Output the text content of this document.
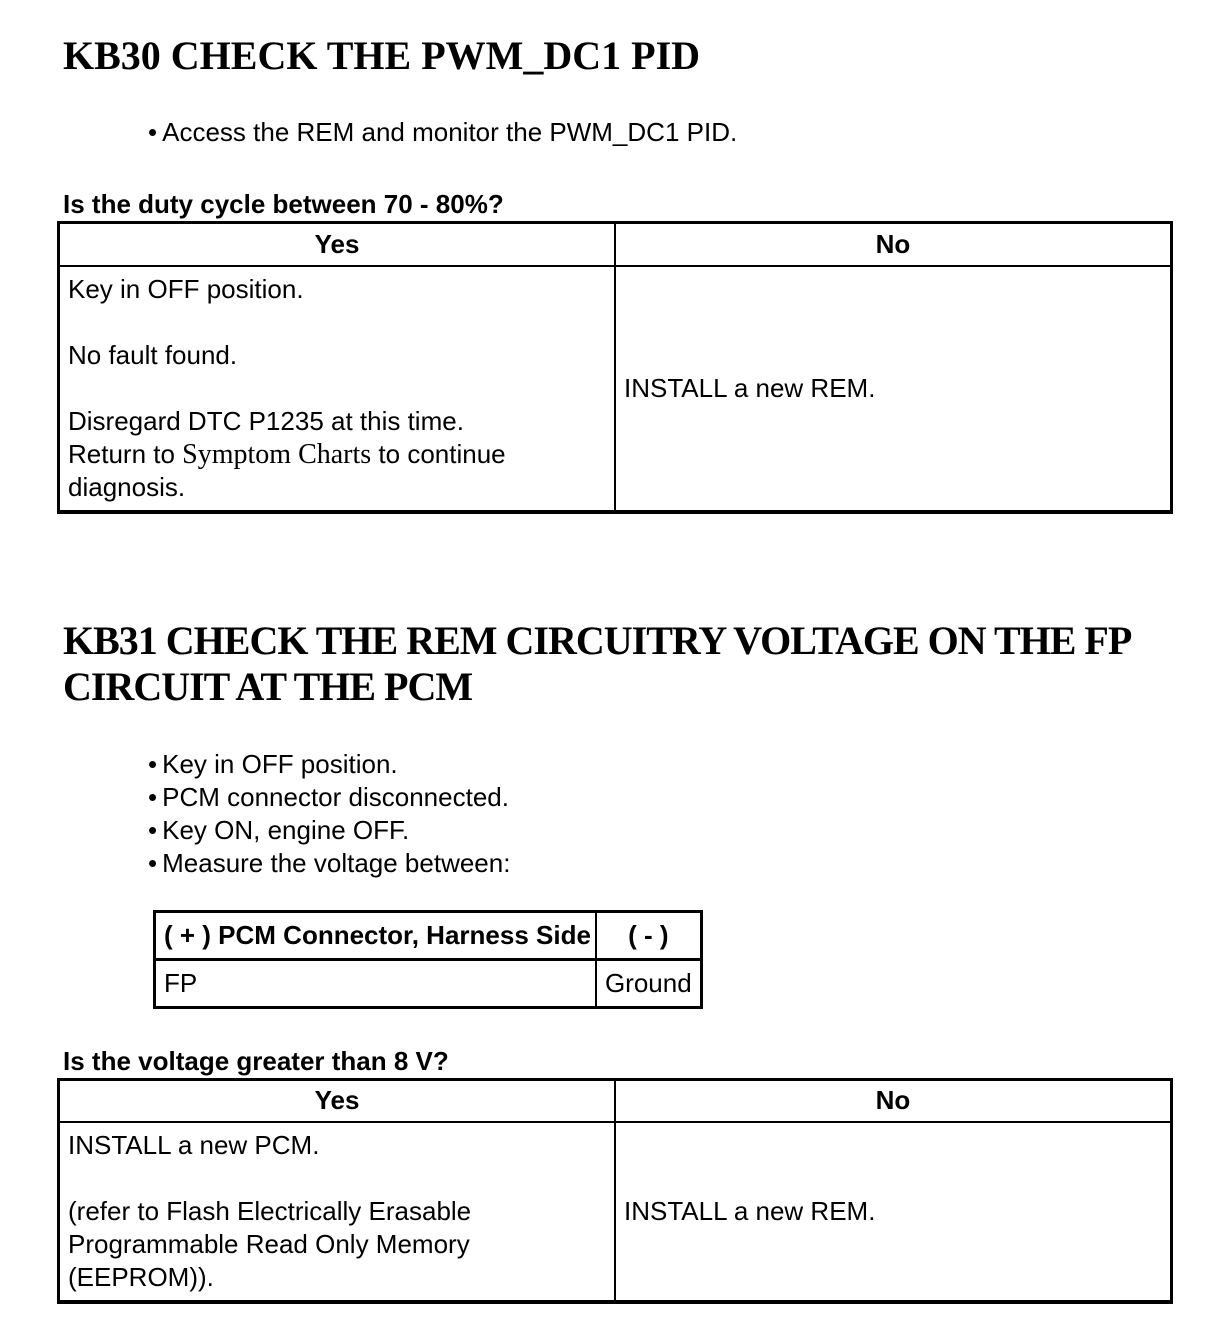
KB30 CHECK THE PWM_DC1 PID
• Access the REM and monitor the PWM_DC1 PID.

Is the duty cycle between 70 - 80%?

Yes	No

Key in OFF position.

No fault found.

Disregard DTC P1235 at this time.

Return to Symptom Charts to continue diagnosis.	INSTALL a new REM.
KB31 CHECK THE REM CIRCUITRY VOLTAGE ON THE FP CIRCUIT AT THE PCM
• Key in OFF position.
• PCM connector disconnected.
• Key ON, engine OFF.
• Measure the voltage between:
( + ) PCM Connector, Harness Side	( - )
FP	Ground

Is the voltage greater than 8 V?

Yes	No

INSTALL a new PCM.

(refer to Flash Electrically Erasable Programmable Read Only Memory (EEPROM)).	INSTALL a new REM.
